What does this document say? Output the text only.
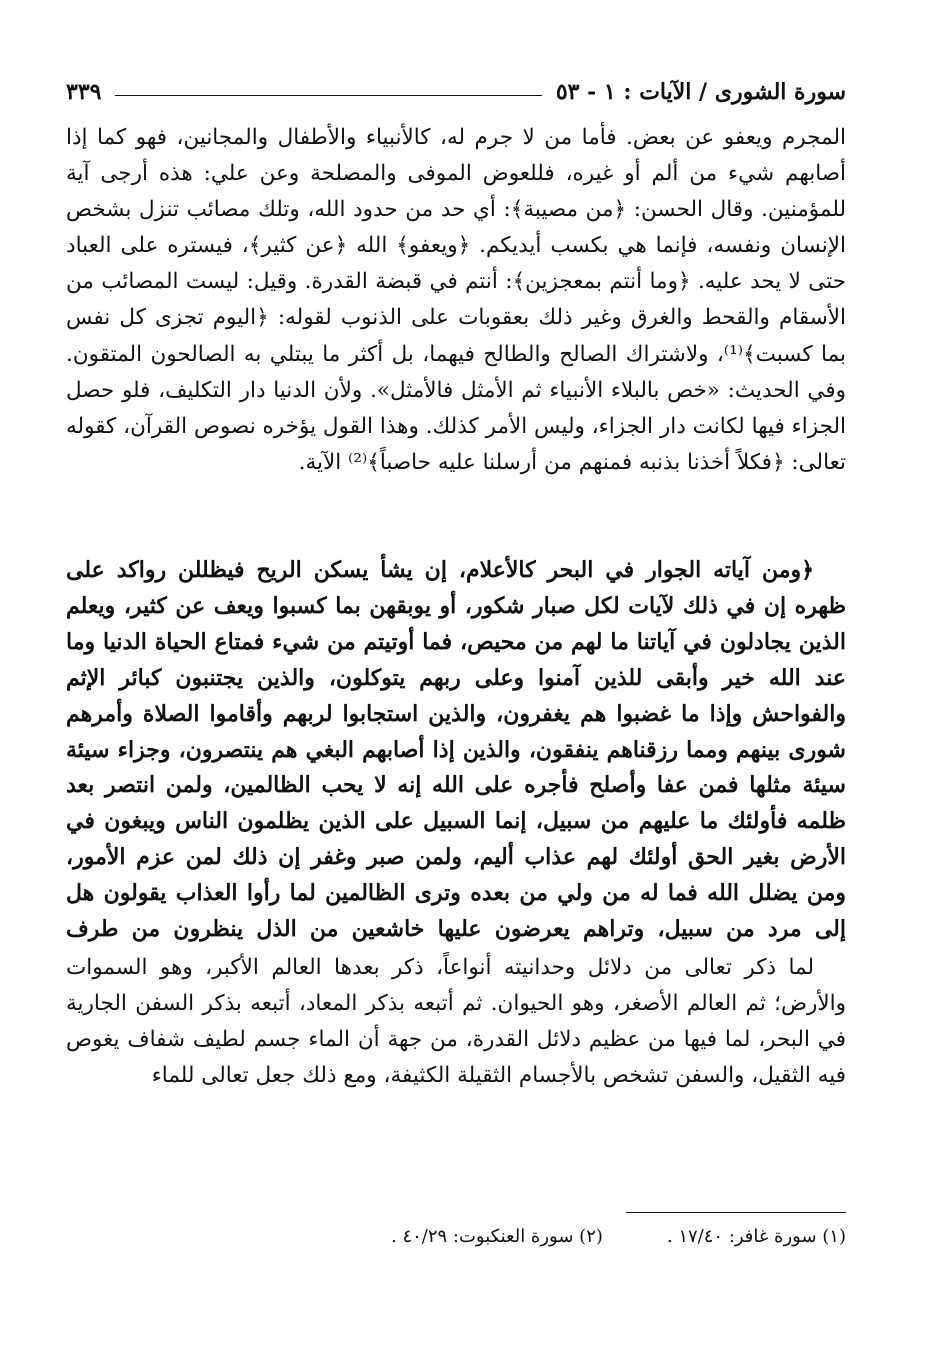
سورة الشورى / الآيات : ١ - ٥٣
٣٣٩

المجرم ويعفو عن بعض. فأما من لا جرم له، كالأنبياء والأطفال والمجانين، فهو كما إذا أصابهم شيء من ألم أو غيره، فللعوض الموفى والمصلحة وعن علي: هذه أرجى آية للمؤمنين. وقال الحسن: ﴿من مصيبة﴾: أي حد من حدود الله، وتلك مصائب تنزل بشخص الإنسان ونفسه، فإنما هي بكسب أيديكم. ﴿ويعفو﴾ الله ﴿عن كثير﴾، فيستره على العباد حتى لا يحد عليه. ﴿وما أنتم بمعجزين﴾: أنتم في قبضة القدرة. وقيل: ليست المصائب من الأسقام والقحط والغرق وغير ذلك بعقوبات على الذنوب لقوله: ﴿اليوم تجزى كل نفس بما كسبت﴾⁽¹⁾، ولاشتراك الصالح والطالح فيهما، بل أكثر ما يبتلي به الصالحون المتقون. وفي الحديث: «خص بالبلاء الأنبياء ثم الأمثل فالأمثل». ولأن الدنيا دار التكليف، فلو حصل الجزاء فيها لكانت دار الجزاء، وليس الأمر كذلك. وهذا القول يؤخره نصوص القرآن، كقوله تعالى: ﴿فكلاً أخذنا بذنبه فمنهم من أرسلنا عليه حاصباً﴾⁽²⁾ الآية.

﴿ومن آياته الجوار في البحر كالأعلام، إن يشأ يسكن الريح فيظللن رواكد على ظهره إن في ذلك لآيات لكل صبار شكور، أو يوبقهن بما كسبوا ويعف عن كثير، ويعلم الذين يجادلون في آياتنا ما لهم من محيص، فما أوتيتم من شيء فمتاع الحياة الدنيا وما عند الله خير وأبقى للذين آمنوا وعلى ربهم يتوكلون، والذين يجتنبون كبائر الإثم والفواحش وإذا ما غضبوا هم يغفرون، والذين استجابوا لربهم وأقاموا الصلاة وأمرهم شورى بينهم ومما رزقناهم ينفقون، والذين إذا أصابهم البغي هم ينتصرون، وجزاء سيئة سيئة مثلها فمن عفا وأصلح فأجره على الله إنه لا يحب الظالمين، ولمن انتصر بعد ظلمه فأولئك ما عليهم من سبيل، إنما السبيل على الذين يظلمون الناس ويبغون في الأرض بغير الحق أولئك لهم عذاب أليم، ولمن صبر وغفر إن ذلك لمن عزم الأمور، ومن يضلل الله فما له من ولي من بعده وترى الظالمين لما رأوا العذاب يقولون هل إلى مرد من سبيل، وتراهم يعرضون عليها خاشعين من الذل ينظرون من طرف

لما ذكر تعالى من دلائل وحدانيته أنواعاً، ذكر بعدها العالم الأكبر، وهو السموات والأرض؛ ثم العالم الأصغر، وهو الحيوان. ثم أتبعه بذكر المعاد، أتبعه بذكر السفن الجارية في البحر، لما فيها من عظيم دلائل القدرة، من جهة أن الماء جسم لطيف شفاف يغوص فيه الثقيل، والسفن تشخص بالأجسام الثقيلة الكثيفة، ومع ذلك جعل تعالى للماء

(١) سورة غافر: ١٧/٤٠ .
(٢) سورة العنكبوت: ٤٠/٢٩ .
